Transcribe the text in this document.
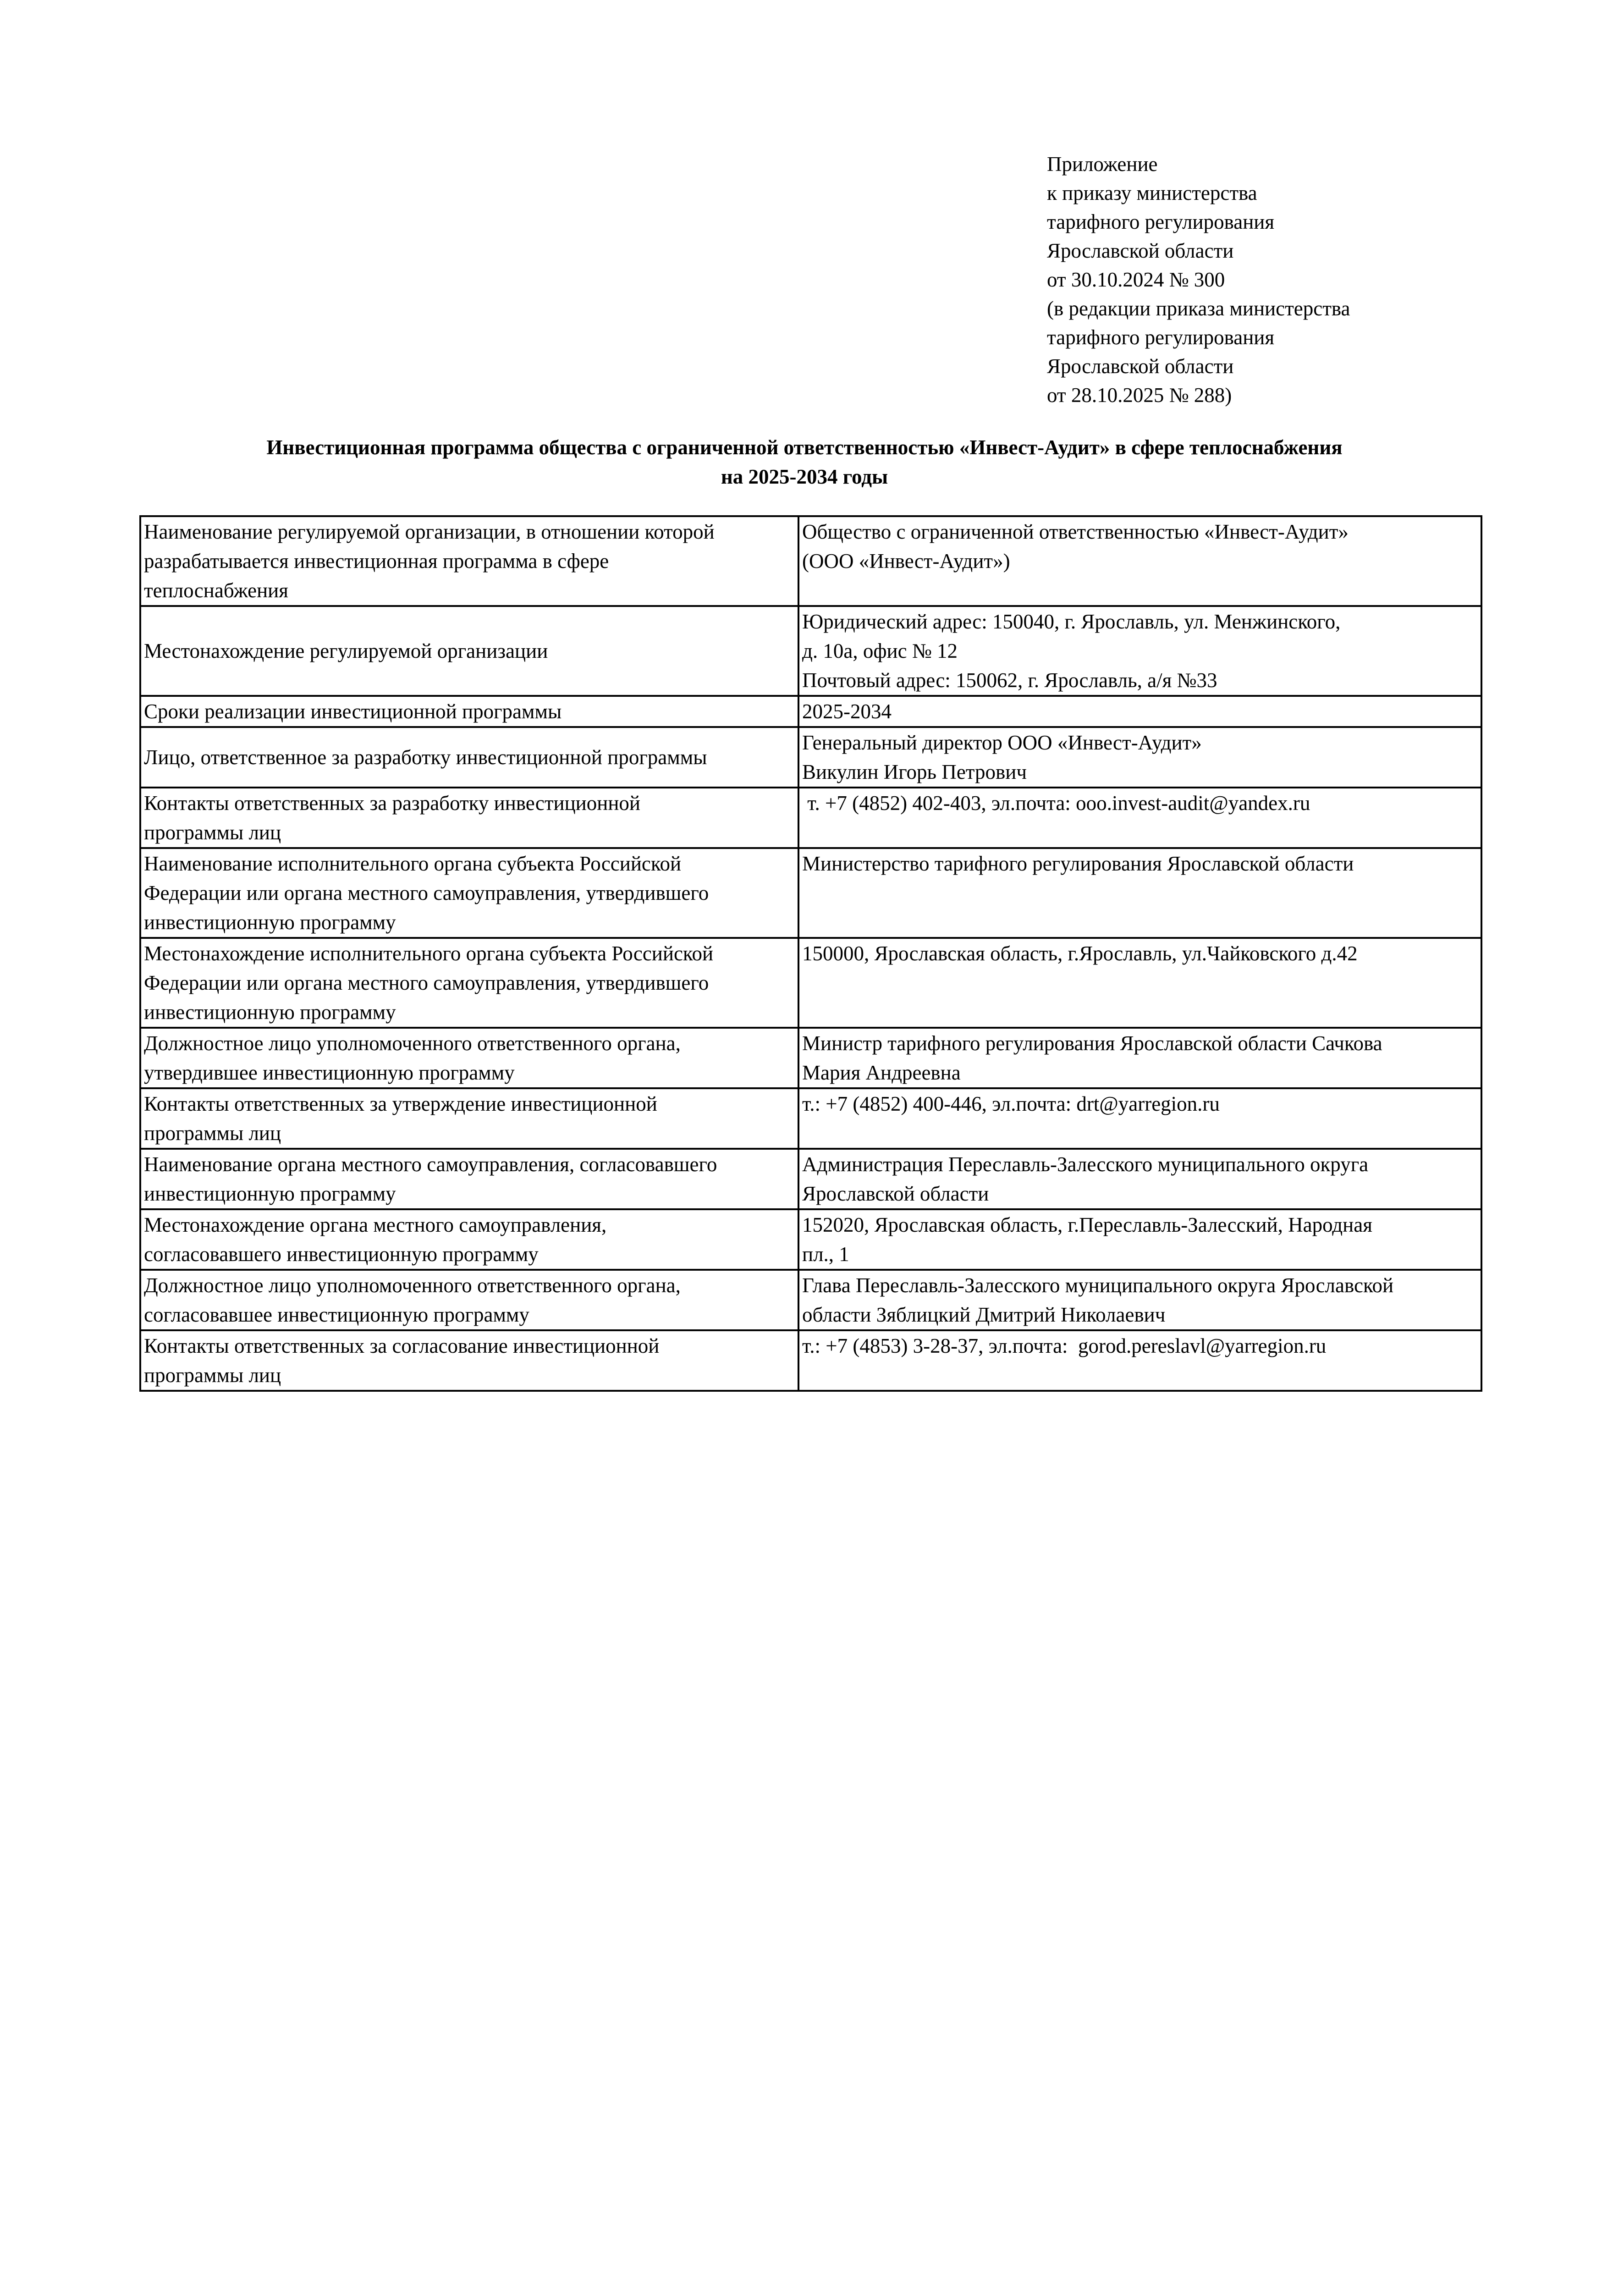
Приложение
к приказу министерства
тарифного регулирования
Ярославской области
от 30.10.2024 № 300
(в редакции приказа министерства
тарифного регулирования
Ярославской области
от 28.10.2025 № 288)
Инвестиционная программа общества с ограниченной ответственностью «Инвест-Аудит» в сфере теплоснабжения
на 2025-2034 годы
Наименование регулируемой организации, в отношении которой
разрабатывается инвестиционная программа в сфере
теплоснабжения	Общество с ограниченной ответственностью «Инвест-Аудит»
(ООО «Инвест-Аудит»)

Местонахождение регулируемой организации	Юридический адрес: 150040, г. Ярославль, ул. Менжинского,
д. 10а, офис № 12
Почтовый адрес: 150062, г. Ярославль, а/я №33

Сроки реализации инвестиционной программы	2025-2034

Лицо, ответственное за разработку инвестиционной программы	Генеральный директор ООО «Инвест-Аудит»
Викулин Игорь Петрович

Контакты ответственных за разработку инвестиционной
программы лиц	т. +7 (4852) 402-403, эл.почта: ooo.invest-audit@yandex.ru

Наименование исполнительного органа субъекта Российской
Федерации или органа местного самоуправления, утвердившего
инвестиционную программу	Министерство тарифного регулирования Ярославской области

Местонахождение исполнительного органа субъекта Российской
Федерации или органа местного самоуправления, утвердившего
инвестиционную программу	150000, Ярославская область, г.Ярославль, ул.Чайковского д.42

Должностное лицо уполномоченного ответственного органа,
утвердившее инвестиционную программу	Министр тарифного регулирования Ярославской области Сачкова
Мария Андреевна

Контакты ответственных за утверждение инвестиционной
программы лиц	т.: +7 (4852) 400-446, эл.почта: drt@yarregion.ru

Наименование органа местного самоуправления, согласовавшего
инвестиционную программу	Администрация Переславль-Залесского муниципального округа
Ярославской области

Местонахождение органа местного самоуправления,
согласовавшего инвестиционную программу	152020, Ярославская область, г.Переславль-Залесский, Народная
пл., 1

Должностное лицо уполномоченного ответственного органа,
согласовавшее инвестиционную программу	Глава Переславль-Залесского муниципального округа Ярославской
области Зяблицкий Дмитрий Николаевич

Контакты ответственных за согласование инвестиционной
программы лиц	т.: +7 (4853) 3-28-37, эл.почта:  gorod.pereslavl@yarregion.ru
